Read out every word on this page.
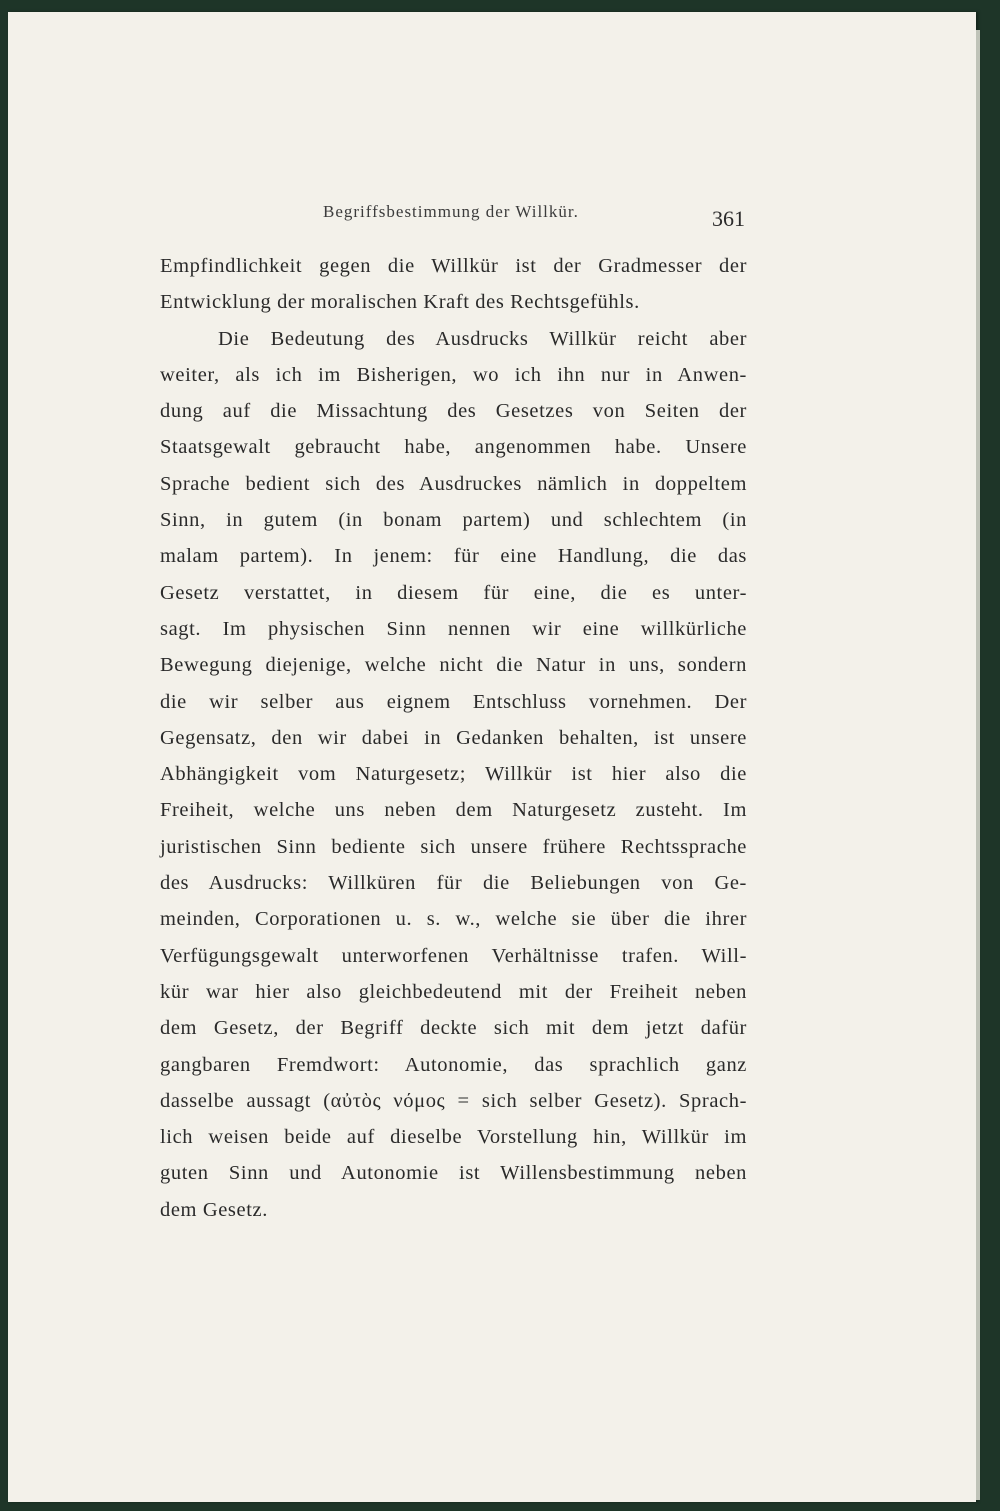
Begriffsbestimmung der Willkür.	361
Empfindlichkeit gegen die Willkür ist der Gradmesser der
Entwicklung der moralischen Kraft des Rechtsgefühls.
Die Bedeutung des Ausdrucks Willkür reicht aber
weiter, als ich im Bisherigen, wo ich ihn nur in Anwen-
dung auf die Missachtung des Gesetzes von Seiten der
Staatsgewalt gebraucht habe, angenommen habe. Unsere
Sprache bedient sich des Ausdruckes nämlich in doppeltem
Sinn, in gutem (in bonam partem) und schlechtem (in
malam partem). In jenem: für eine Handlung, die das
Gesetz verstattet, in diesem für eine, die es unter-
sagt. Im physischen Sinn nennen wir eine willkürliche
Bewegung diejenige, welche nicht die Natur in uns, sondern
die wir selber aus eignem Entschluss vornehmen. Der
Gegensatz, den wir dabei in Gedanken behalten, ist unsere
Abhängigkeit vom Naturgesetz; Willkür ist hier also die
Freiheit, welche uns neben dem Naturgesetz zusteht. Im
juristischen Sinn bediente sich unsere frühere Rechtssprache
des Ausdrucks: Willküren für die Beliebungen von Ge-
meinden, Corporationen u. s. w., welche sie über die ihrer
Verfügungsgewalt unterworfenen Verhältnisse trafen. Will-
kür war hier also gleichbedeutend mit der Freiheit neben
dem Gesetz, der Begriff deckte sich mit dem jetzt dafür
gangbaren Fremdwort: Autonomie, das sprachlich ganz
dasselbe aussagt (αὐτὸς νόμος = sich selber Gesetz). Sprach-
lich weisen beide auf dieselbe Vorstellung hin, Willkür im
guten Sinn und Autonomie ist Willensbestimmung neben
dem Gesetz.
